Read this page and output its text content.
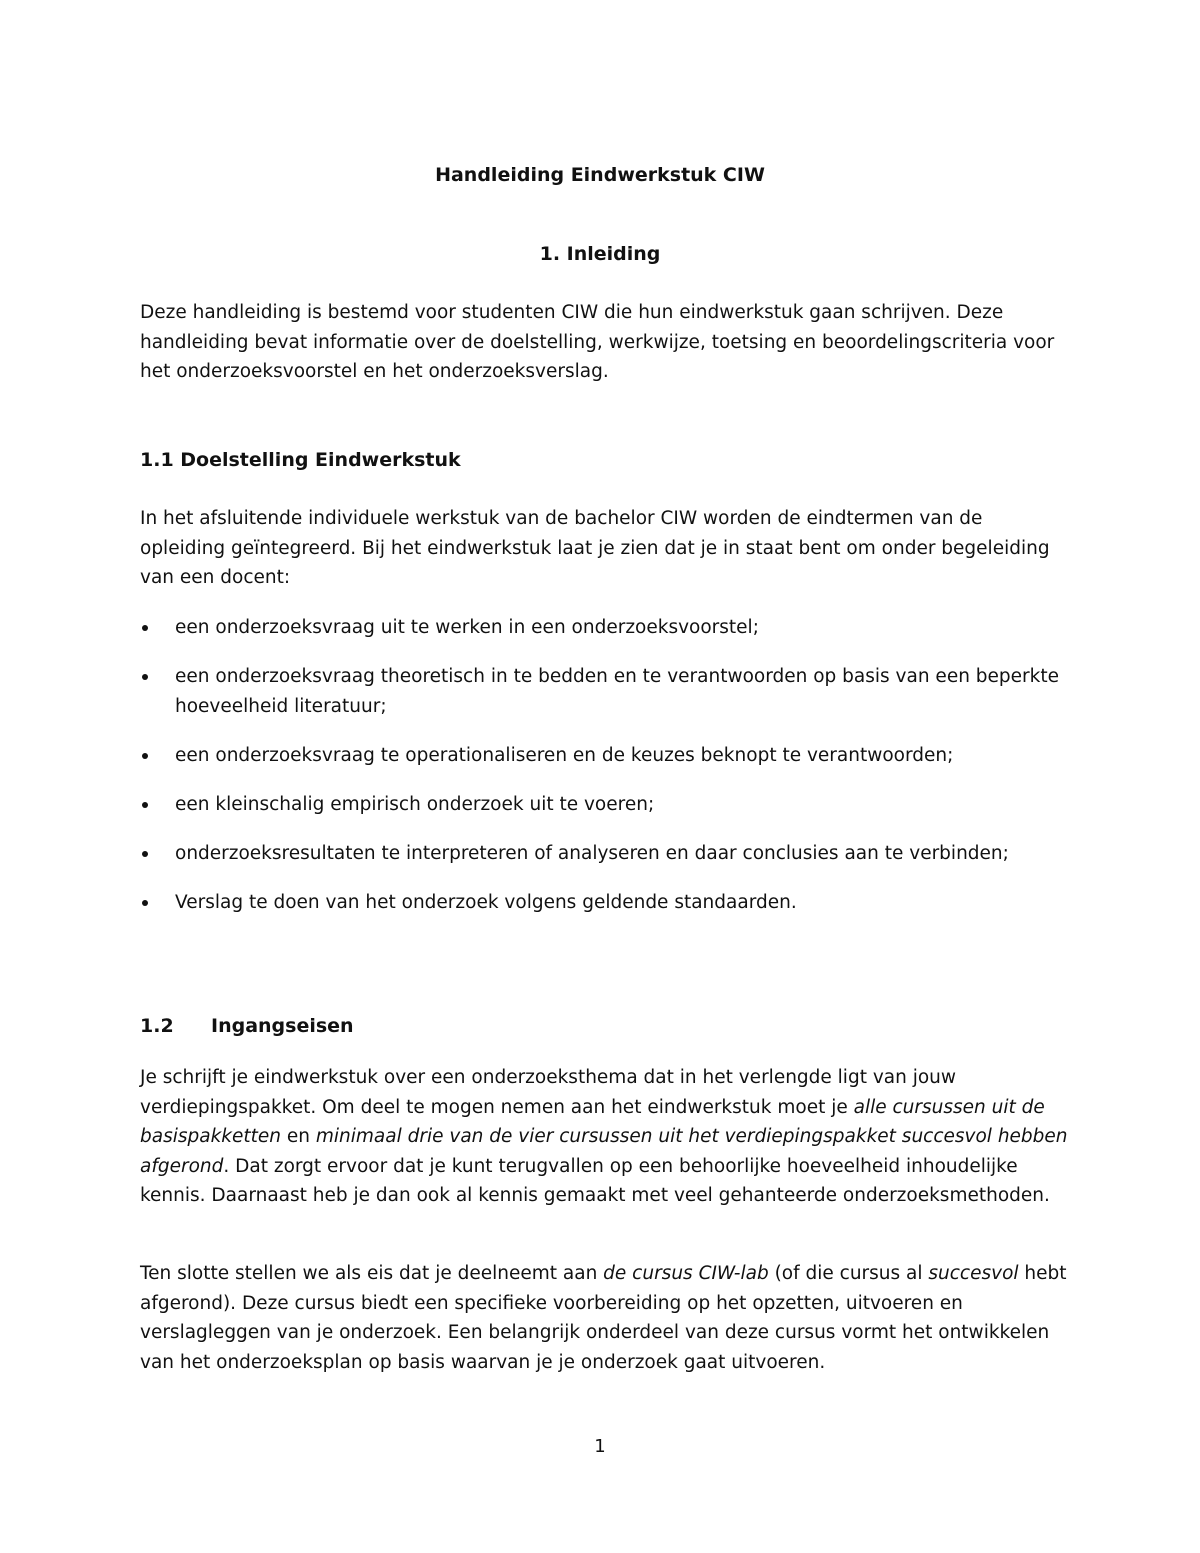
Handleiding Eindwerkstuk CIW
1. Inleiding

Deze handleiding is bestemd voor studenten CIW die hun eindwerkstuk gaan schrijven. Deze handleiding bevat informatie over de doelstelling, werkwijze, toetsing en beoordelingscriteria voor het onderzoeksvoorstel en het onderzoeksverslag.

1.1 Doelstelling Eindwerkstuk

In het afsluitende individuele werkstuk van de bachelor CIW worden de eindtermen van de opleiding geïntegreerd. Bij het eindwerkstuk laat je zien dat je in staat bent om onder begeleiding van een docent:

een onderzoeksvraag uit te werken in een onderzoeksvoorstel;
een onderzoeksvraag theoretisch in te bedden en te verantwoorden op basis van een beperkte hoeveelheid literatuur;
een onderzoeksvraag te operationaliseren en de keuzes beknopt te verantwoorden;
een kleinschalig empirisch onderzoek uit te voeren;
onderzoeksresultaten te interpreteren of analyseren en daar conclusies aan te verbinden;
Verslag te doen van het onderzoek volgens geldende standaarden.

1.2 Ingangseisen

Je schrijft je eindwerkstuk over een onderzoeksthema dat in het verlengde ligt van jouw verdiepingspakket. Om deel te mogen nemen aan het eindwerkstuk moet je alle cursussen uit de basispakketten en minimaal drie van de vier cursussen uit het verdiepingspakket succesvol hebben afgerond. Dat zorgt ervoor dat je kunt terugvallen op een behoorlijke hoeveelheid inhoudelijke kennis. Daarnaast heb je dan ook al kennis gemaakt met veel gehanteerde onderzoeksmethoden.

Ten slotte stellen we als eis dat je deelneemt aan de cursus CIW-lab (of die cursus al succesvol hebt afgerond). Deze cursus biedt een specifieke voorbereiding op het opzetten, uitvoeren en verslagleggen van je onderzoek. Een belangrijk onderdeel van deze cursus vormt het ontwikkelen van het onderzoeksplan op basis waarvan je je onderzoek gaat uitvoeren.

1
